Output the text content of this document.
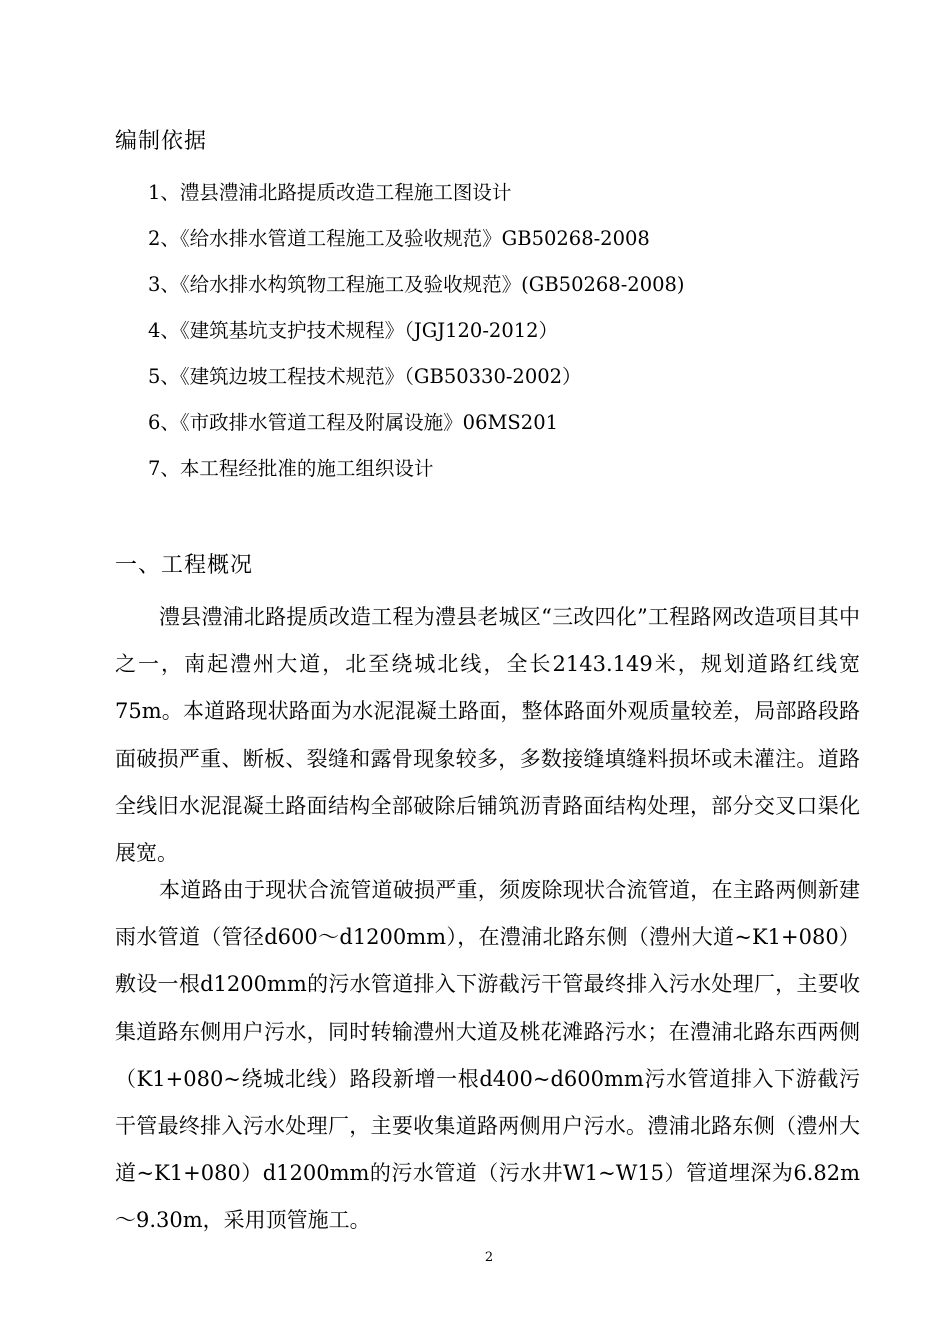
编制依据
1、澧县澧浦北路提质改造工程施工图设计
2、《给水排水管道工程施工及验收规范》GB50268-2008
3、《给水排水构筑物工程施工及验收规范》(GB50268-2008)
4、《建筑基坑支护技术规程》（JGJ120-2012）
5、《建筑边坡工程技术规范》（GB50330-2002）
6、《市政排水管道工程及附属设施》06MS201
7、本工程经批准的施工组织设计
一、工程概况

澧县澧浦北路提质改造工程为澧县老城区“三改四化”工程路网改造项目其中之一，南起澧州大道，北至绕城北线，全长2143.149米，规划道路红线宽75m。本道路现状路面为水泥混凝土路面，整体路面外观质量较差，局部路段路面破损严重、断板、裂缝和露骨现象较多，多数接缝填缝料损坏或未灌注。道路全线旧水泥混凝土路面结构全部破除后铺筑沥青路面结构处理，部分交叉口渠化展宽。

本道路由于现状合流管道破损严重，须废除现状合流管道，在主路两侧新建雨水管道（管径d600～d1200mm），在澧浦北路东侧（澧州大道~K1+080）敷设一根d1200mm的污水管道排入下游截污干管最终排入污水处理厂，主要收集道路东侧用户污水，同时转输澧州大道及桃花滩路污水；在澧浦北路东西两侧（K1+080~绕城北线）路段新增一根d400~d600mm污水管道排入下游截污干管最终排入污水处理厂，主要收集道路两侧用户污水。澧浦北路东侧（澧州大道~K1+080）d1200mm的污水管道（污水井W1~W15）管道埋深为6.82m～9.30m，采用顶管施工。

2
